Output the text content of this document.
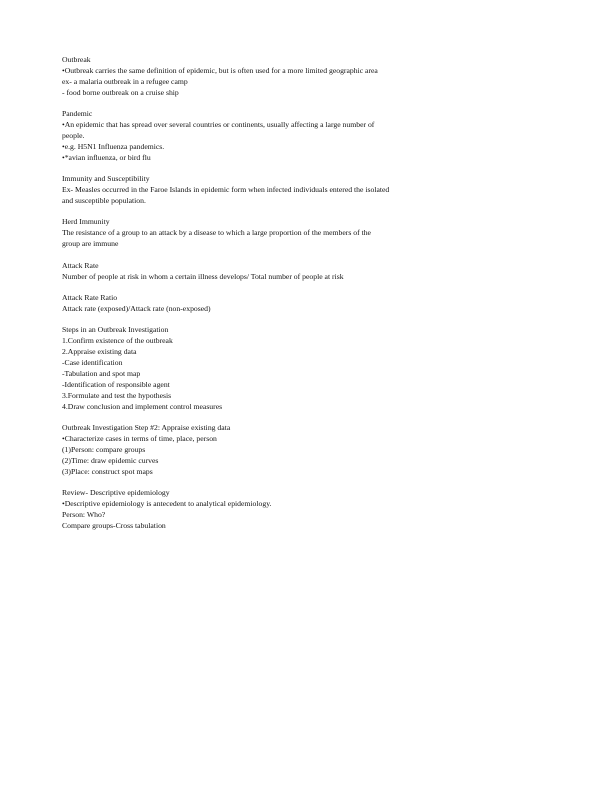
Outbreak
•Outbreak carries the same definition of epidemic, but is often used for a more limited geographic area
ex- a malaria outbreak in a refugee camp
- food borne outbreak on a cruise ship
Pandemic
•An epidemic that has spread over several countries or continents, usually affecting a large number of
people.
•e.g. H5N1 Influenza pandemics.
•*avian influenza, or bird flu
Immunity and Susceptibility
Ex- Measles occurred in the Faroe Islands in epidemic form when infected individuals entered the isolated
and susceptible population.
Herd Immunity
The resistance of a group to an attack by a disease to which a large proportion of the members of the
group are immune
Attack Rate
Number of people at risk in whom a certain illness develops/ Total number of people at risk
Attack Rate Ratio
Attack rate (exposed)/Attack rate (non-exposed)
Steps in an Outbreak Investigation
1.Confirm existence of the outbreak
2.Appraise existing data
-Case identification
-Tabulation and spot map
-Identification of responsible agent
3.Formulate and test the hypothesis
4.Draw conclusion and implement control measures
Outbreak Investigation Step #2: Appraise existing data
•Characterize cases in terms of time, place, person
(1)Person: compare groups
(2)Time: draw epidemic curves
(3)Place: construct spot maps
Review- Descriptive epidemiology
•Descriptive epidemiology is antecedent to analytical epidemiology.
Person: Who?
Compare groups-Cross tabulation
